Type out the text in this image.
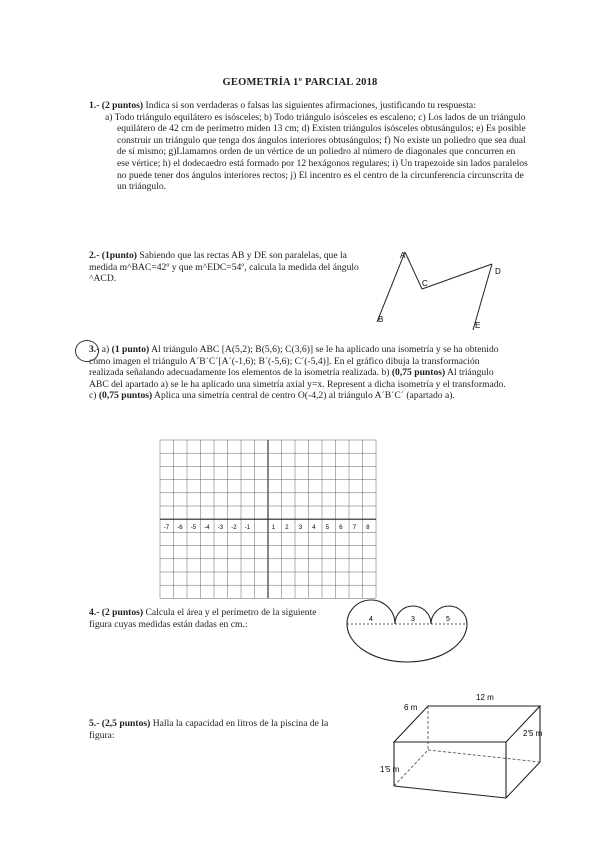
GEOMETRÍA 1º PARCIAL 2018
1.- (2 puntos) Indica si son verdaderas o falsas las siguientes afirmaciones, justificando tu respuesta:
a) Todo triángulo equilátero es isósceles; b) Todo triángulo isósceles es escaleno; c) Los lados de un triángulo equilátero de 42 cm de perímetro miden 13 cm; d) Existen triángulos isósceles obtusángulos; e) Es posible construir un triángulo que tenga dos ángulos interiores obtusángulos; f) No existe un poliedro que sea dual de sí mismo; g)Llamamos orden de un vértice de un poliedro al número de diagonales que concurren en ese vértice; h) el dodecaedro está formado por 12 hexágonos regulares; i) Un trapezoide sin lados paralelos no puede tener dos ángulos interiores rectos; j) El incentro es el centro de la circunferencia circunscrita de un triángulo.
2.- (1punto) Sabiendo que las rectas AB y DE son paralelas, que la medida m^BAC=42º y que m^EDC=54º, calcula la medida del ángulo ^ACD.
A
B
C
D
E
3.- a) (1 punto) Al triángulo ABC [A(5,2); B(5,6); C(3,6)] se le ha aplicado una isometría y se ha obtenido como imagen el triángulo A´B´C´[A´(-1,6); B´(-5,6); C´(-5,4)]. En el gráfico dibuja la transformación realizada señalando adecuadamente los elementos de la isometría realizada. b) (0,75 puntos) Al triángulo ABC del apartado a) se le ha aplicado una simetría axial y=x. Represent a dicha isometría y el transformado. c) (0,75 puntos) Aplica una simetría central de centro O(-4,2) al triángulo A´B´C´ (apartado a).
-7 -6 -5 -4 -3 -2 -1	1 2 3 4 5 6 7 8
4.- (2 puntos) Calcula el área y el perímetro de la siguiente figura cuyas medidas están dadas en cm.:	4	3	5
5.- (2,5 puntos) Halla la capacidad en litros de la piscina de la figura:
12 m
6 m
2'5 m
1'5 m
